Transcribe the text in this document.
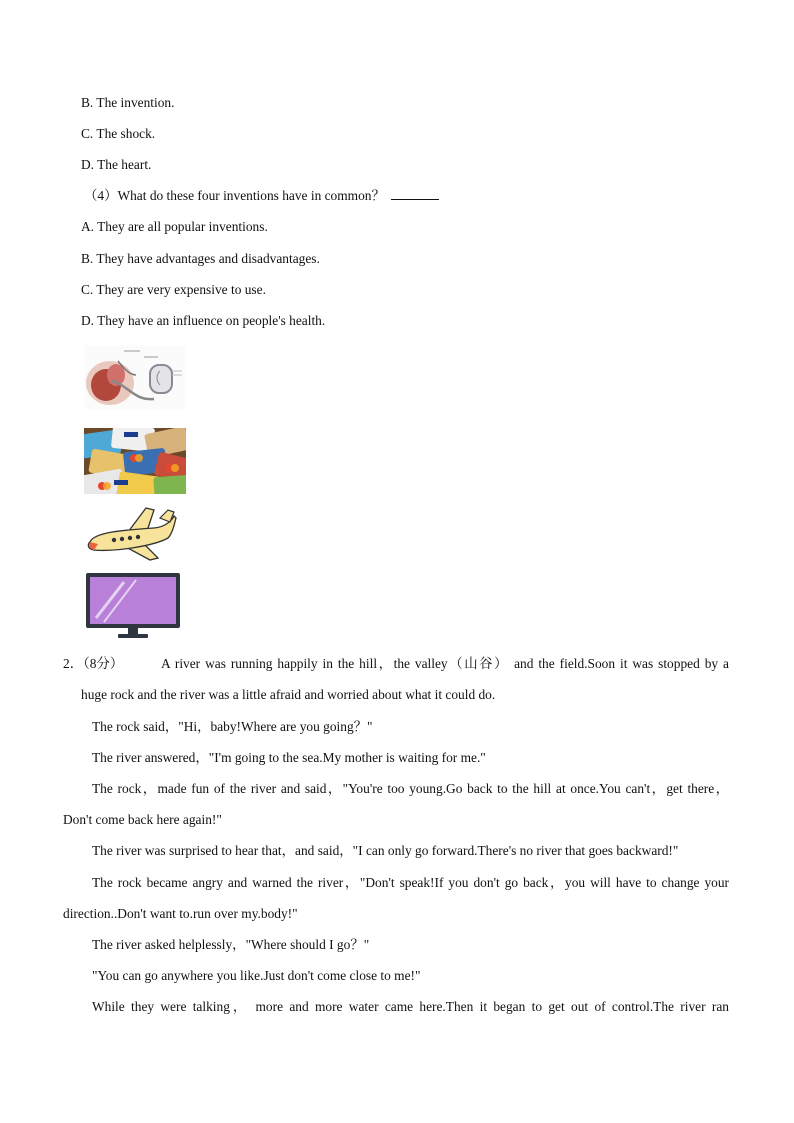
B. The invention.
C. The shock.
D. The heart.
（4）What do these four inventions have in common？
A. They are all popular inventions.
B. They have advantages and disadvantages.
C. They are very expensive to use.
D. They have an influence on people's health.
2．（8分）	A river was running happily in the hill，the valley（山谷） and the field.Soon it was stopped by a
huge rock and the river was a little afraid and worried about what it could do.
The rock said，"Hi，baby!Where are you going？"
The river answered，"I'm going to the sea.My mother is waiting for me."
The rock，made fun of the river and said，"You're too young.Go back to the hill at once.You can't，get there，
Don't come back here again!"
The river was surprised to hear that，and said，"I can only go forward.There's no river that goes backward!"
The rock became angry and warned the river，"Don't speak!If you don't go back，you will have to change your
direction..Don't want to.run over my.body!"
The river asked helplessly，"Where should I go？"
"You can go anywhere you like.Just don't come close to me!"
While they were talking， more and more water came here.Then it began to get out of control.The river ran
